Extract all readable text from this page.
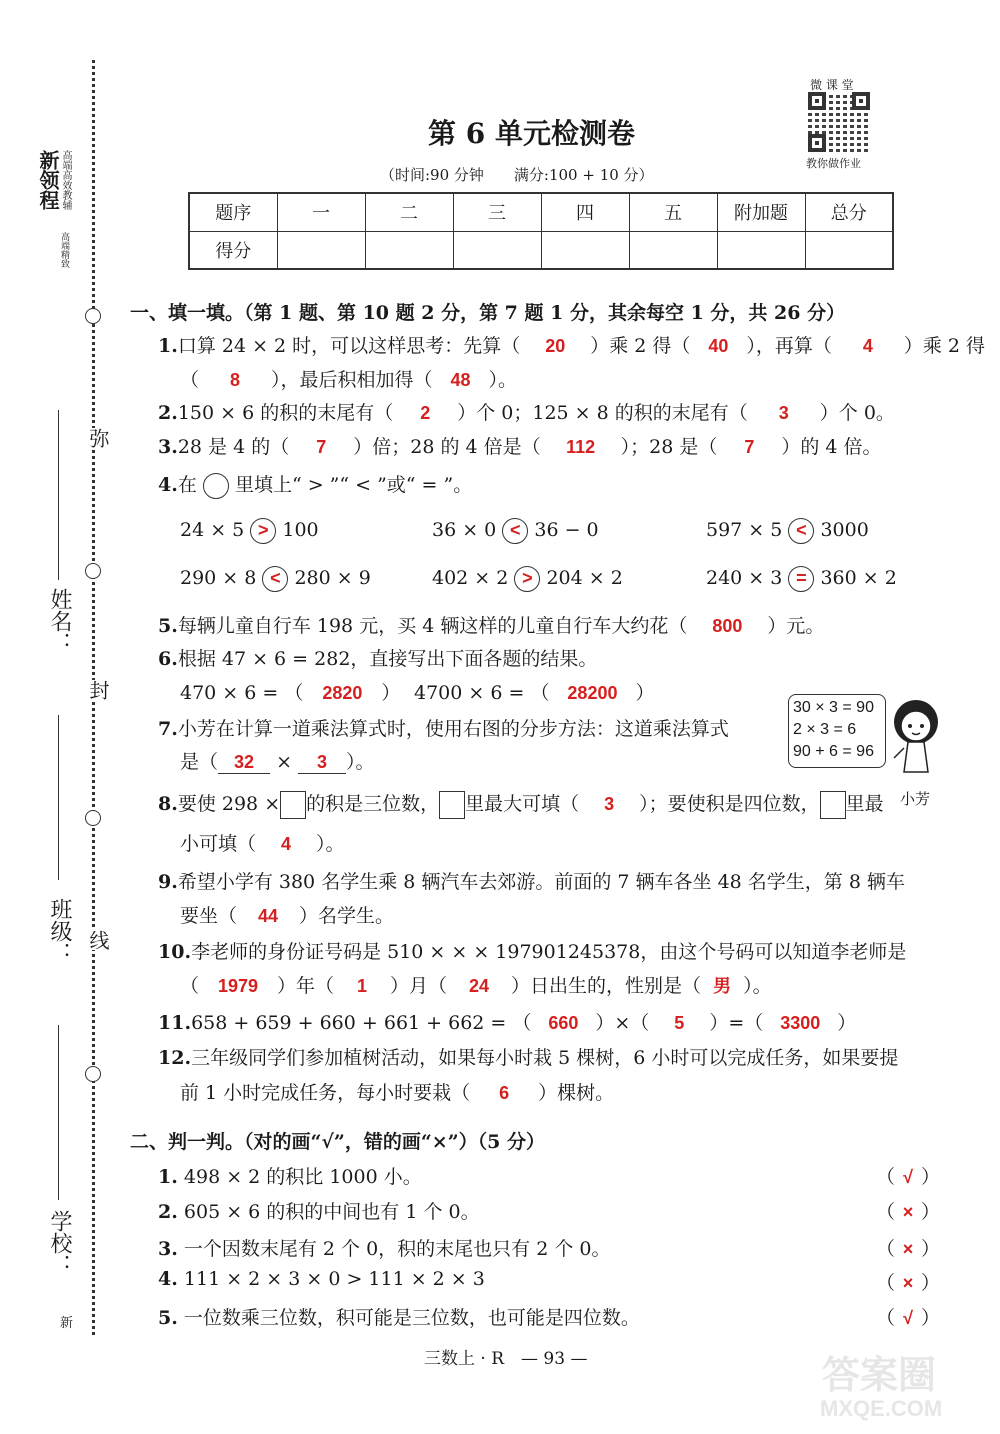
新领程 高端高效教辅
高端精致
弥
封
线
姓名：
班级：
学校：
新
微 课 堂
教你做作业
第 6 单元检测卷
（时间:90 分钟　　满分:100 + 10 分）
题序	一	二	三	四	五	附加题	总分
得分							
一、填一填。（第 1 题、第 10 题 2 分，第 7 题 1 分，其余每空 1 分，共 26 分）
1.口算 24 × 2 时，可以这样思考：先算（ 20 ）乘 2 得（ 40 ），再算（ 4 ）乘 2 得
（ 8 ），最后积相加得（ 48 ）。
2.150 × 6 的积的末尾有（ 2 ）个 0；125 × 8 的积的末尾有（ 3 ）个 0。
3.28 是 4 的（ 7 ）倍；28 的 4 倍是（ 112 ）；28 是（ 7 ）的 4 倍。
4.在 里填上“ > ”“ < ”或“ = ”。
24 × 5 > 100	36 × 0 < 36 − 0	597 × 5 < 3000
290 × 8 < 280 × 9	402 × 2 > 204 × 2	240 × 3 = 360 × 2
5.每辆儿童自行车 198 元，买 4 辆这样的儿童自行车大约花（ 800 ）元。
6.根据 47 × 6 = 282，直接写出下面各题的结果。
470 × 6 = （ 2820 ） 4700 × 6 = （ 28200 ）
7.小芳在计算一道乘法算式时，使用右图的分步方法：这道乘法算式
是（ 32 × 3 ）。
30 × 3 = 90
2 × 3 = 6
90 + 6 = 96
小芳
8.要使 298 × 的积是三位数， 里最大可填（ 3 ）；要使积是四位数， 里最
小可填（ 4 ）。
9.希望小学有 380 名学生乘 8 辆汽车去郊游。前面的 7 辆车各坐 48 名学生，第 8 辆车
要坐（ 44 ）名学生。
10.李老师的身份证号码是 510 × × × 197901245378，由这个号码可以知道李老师是
（ 1979 ）年（ 1 ）月（ 24 ）日出生的，性别是（ 男 ）。
11.658 + 659 + 660 + 661 + 662 = （ 660 ）×（ 5 ）=（ 3300 ）
12.三年级同学们参加植树活动，如果每小时栽 5 棵树，6 小时可以完成任务，如果要提
前 1 小时完成任务，每小时要栽（ 6 ）棵树。
二、判一判。（对的画“√”，错的画“×”）（5 分）
1. 498 × 2 的积比 1000 小。	（ √ ）
2. 605 × 6 的积的中间也有 1 个 0。	（ × ）
3. 一个因数末尾有 2 个 0，积的末尾也只有 2 个 0。	（ × ）
4. 111 × 2 × 3 × 0 > 111 × 2 × 3	（ × ）
5. 一位数乘三位数，积可能是三位数，也可能是四位数。	（ √ ）
三数上 · R　— 93 —	答案圈
MXQE.COM
